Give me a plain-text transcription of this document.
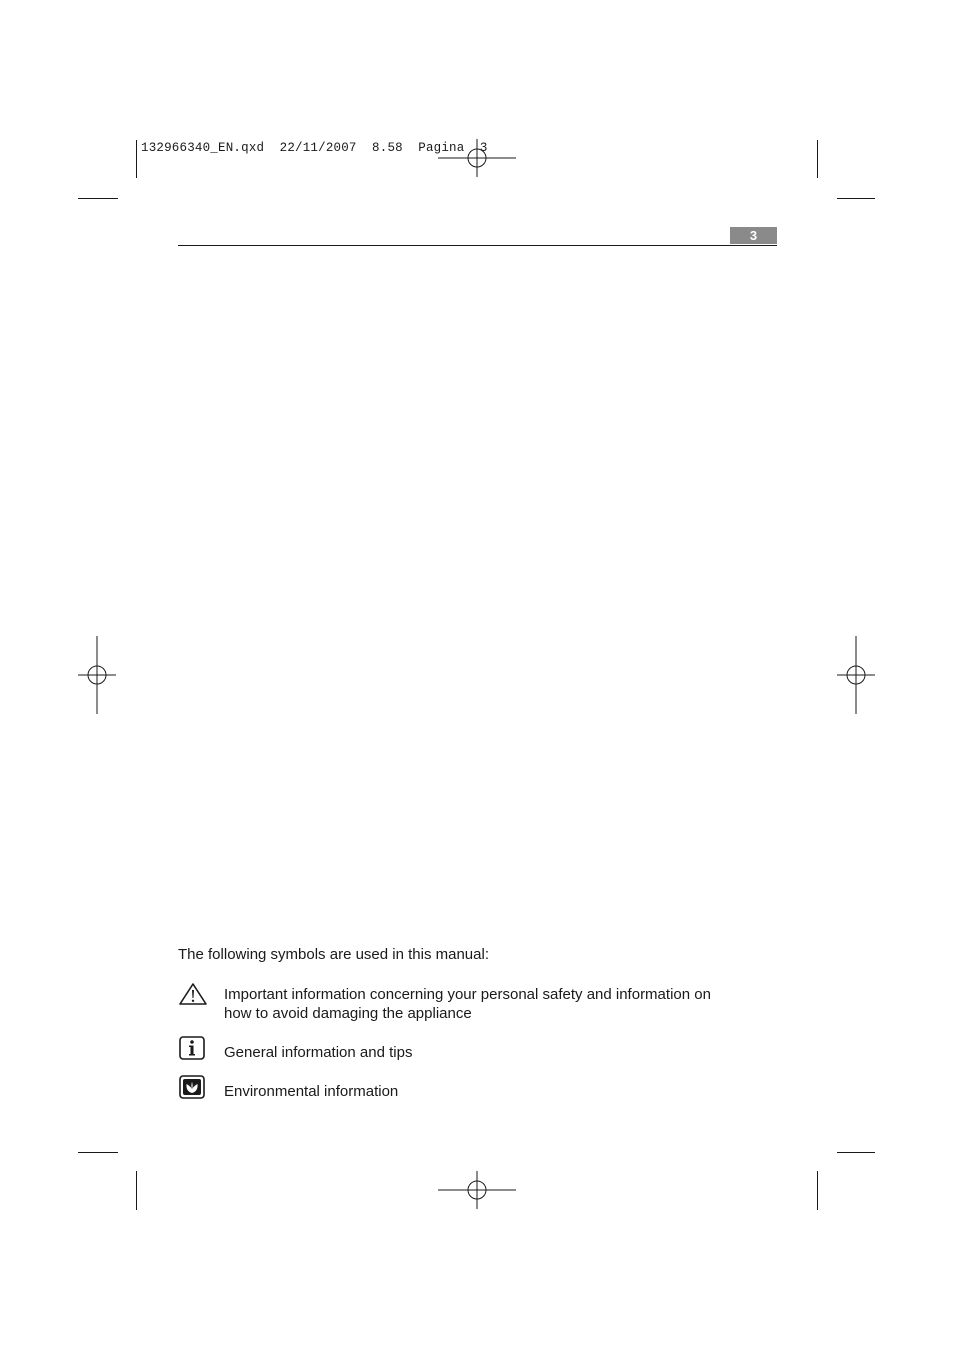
132966340_EN.qxd  22/11/2007  8.58  Pagina  3
3
The following symbols are used in this manual:
Important information concerning your personal safety and information on how to avoid damaging the appliance
General information and tips
Environmental information
